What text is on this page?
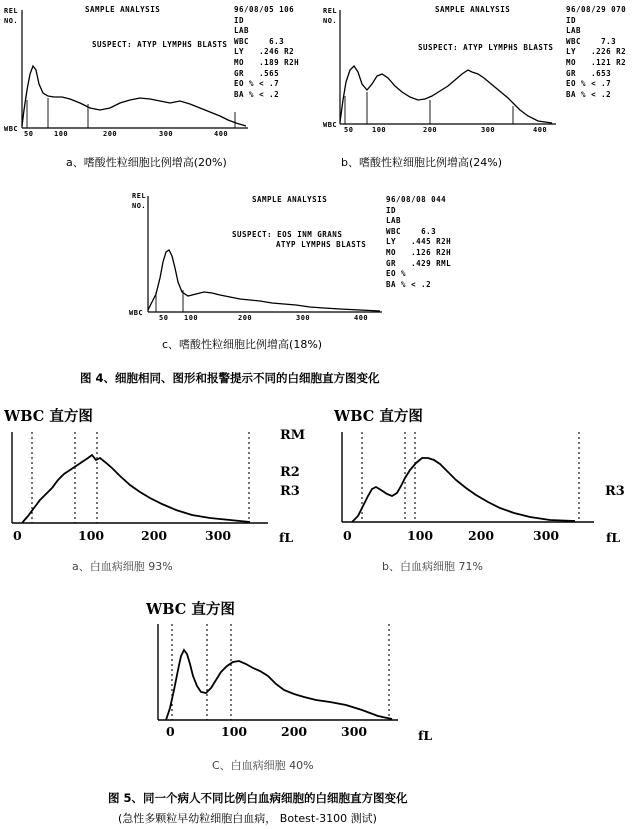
REL
NO.
SAMPLE ANALYSIS
SUSPECT: ATYP LYMPHS BLASTS
96/08/05 106
ID
LAB
WBC    6.3
LY   .246 R2
MO   .189 R2H
GR   .565
EO % < .7
BA % < .2
WBC
50	100	200	300	400
a、嗜酸性粒细胞比例增高(20%)
REL
NO.
SAMPLE ANALYSIS
SUSPECT: ATYP LYMPHS BLASTS
96/08/29 070
ID
LAB
WBC    7.3
LY   .226 R2
MO   .121 R2
GR   .653
EO % < .7
BA % < .2
WBC
50	100	200	300	400
b、嗜酸性粒细胞比例增高(24%)
REL
NO.
SAMPLE ANALYSIS
SUSPECT: EOS INM GRANS
ATYP LYMPHS BLASTS
96/08/08 044
ID
LAB
WBC    6.3
LY   .445 R2H
MO   .126 R2H
GR   .429 RML
EO %
BA % < .2
WBC
50 100	200	300	400
c、嗜酸性粒细胞比例增高(18%)
图 4、细胞相同、图形和报警提示不同的白细胞直方图变化
WBC 直方图
RM
R2
R3
0	100	200	300	fL
a、白血病细胞 93%
WBC 直方图
R3
0	100	200	300	fL
b、白血病细胞 71%
WBC 直方图
0	100	200	300	fL
C、白血病细胞 40%
图 5、同一个病人不同比例白血病细胞的白细胞直方图变化
(急性多颗粒早幼粒细胞白血病， Botest-3100 测试)
